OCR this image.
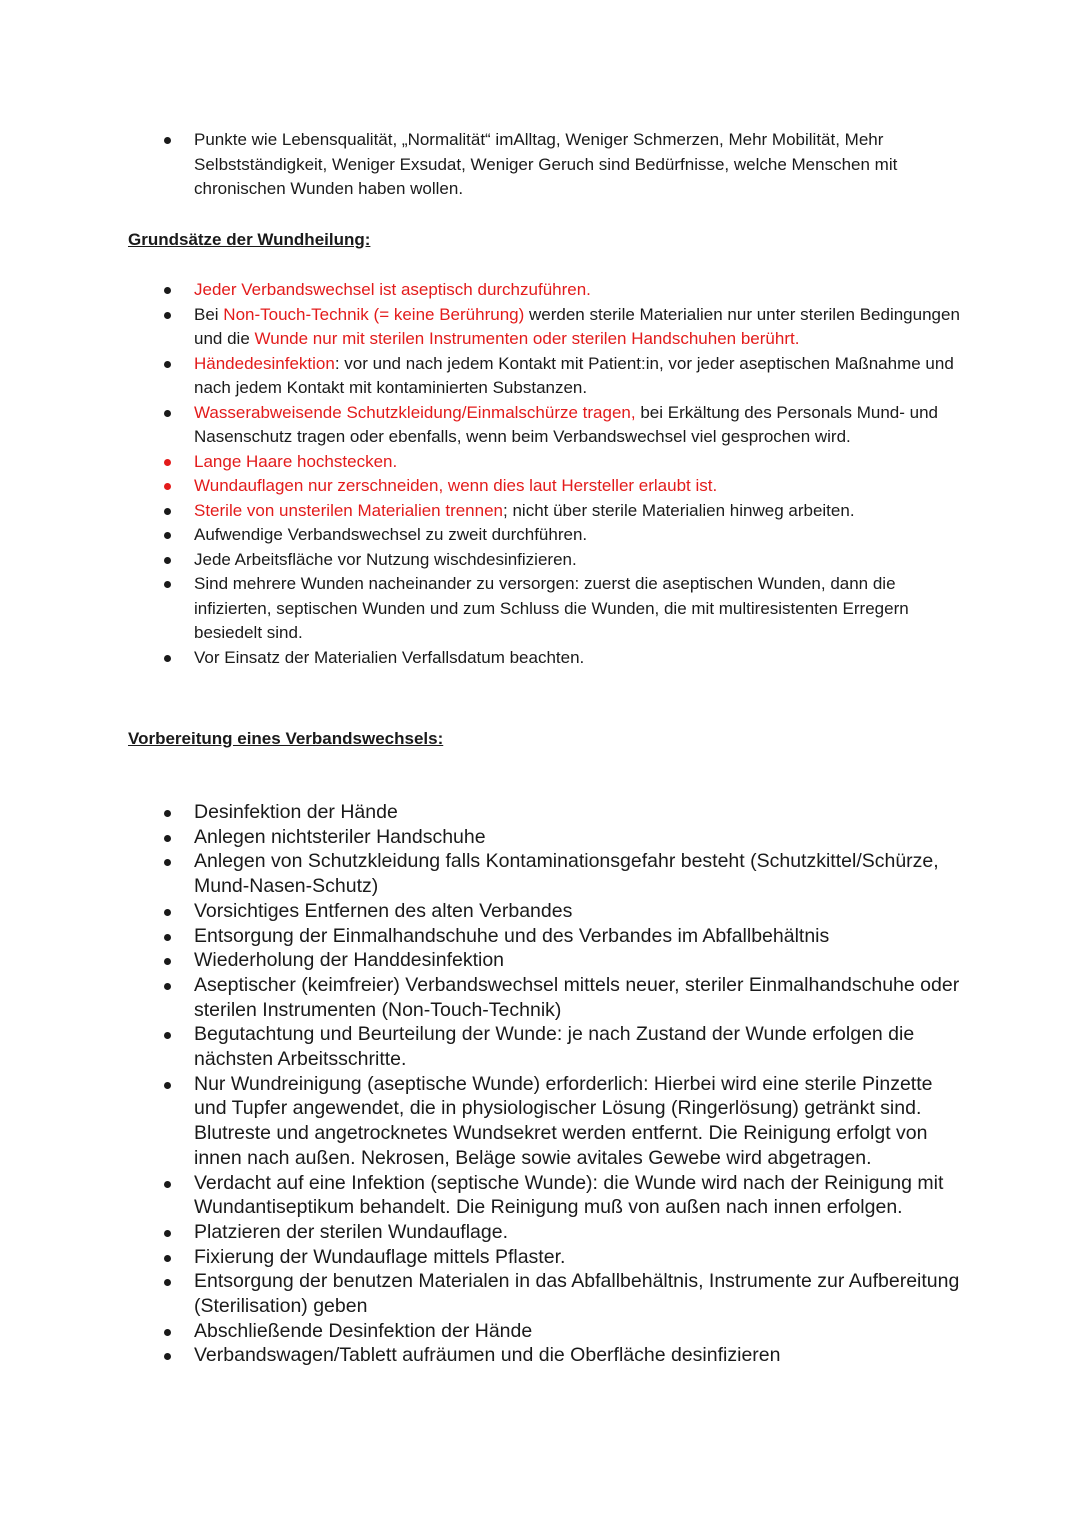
Punkte wie Lebensqualität, „Normalität“ imAlltag, Weniger Schmerzen, Mehr Mobilität, Mehr Selbstständigkeit, Weniger Exsudat, Weniger Geruch sind Bedürfnisse, welche Menschen mit chronischen Wunden haben wollen.
Grundsätze der Wundheilung:
Jeder Verbandswechsel ist aseptisch durchzuführen.
Bei Non-Touch-Technik (= keine Berührung) werden sterile Materialien nur unter sterilen Bedingungen und die Wunde nur mit sterilen Instrumenten oder sterilen Handschuhen berührt.
Händedesinfektion: vor und nach jedem Kontakt mit Patient:in, vor jeder aseptischen Maßnahme und nach jedem Kontakt mit kontaminierten Substanzen.
Wasserabweisende Schutzkleidung/Einmalschürze tragen, bei Erkältung des Personals Mund- und Nasenschutz tragen oder ebenfalls, wenn beim Verbandswechsel viel gesprochen wird.
Lange Haare hochstecken.
Wundauflagen nur zerschneiden, wenn dies laut Hersteller erlaubt ist.
Sterile von unsterilen Materialien trennen; nicht über sterile Materialien hinweg arbeiten.
Aufwendige Verbandswechsel zu zweit durchführen.
Jede Arbeitsfläche vor Nutzung wischdesinfizieren.
Sind mehrere Wunden nacheinander zu versorgen: zuerst die aseptischen Wunden, dann die infizierten, septischen Wunden und zum Schluss die Wunden, die mit multiresistenten Erregern besiedelt sind.
Vor Einsatz der Materialien Verfallsdatum beachten.
Vorbereitung eines Verbandswechsels:
Desinfektion der Hände
Anlegen nichtsteriler Handschuhe
Anlegen von Schutzkleidung falls Kontaminationsgefahr besteht (Schutzkittel/Schürze, Mund-Nasen-Schutz)
Vorsichtiges Entfernen des alten Verbandes
Entsorgung der Einmalhandschuhe und des Verbandes im Abfallbehältnis
Wiederholung der Handdesinfektion
Aseptischer (keimfreier) Verbandswechsel mittels neuer, steriler Einmalhandschuhe oder sterilen Instrumenten (Non-Touch-Technik)
Begutachtung und Beurteilung der Wunde: je nach Zustand der Wunde erfolgen die nächsten Arbeitsschritte.
Nur Wundreinigung (aseptische Wunde) erforderlich: Hierbei wird eine sterile Pinzette und Tupfer angewendet, die in physiologischer Lösung (Ringerlösung) getränkt sind. Blutreste und angetrocknetes Wundsekret werden entfernt. Die Reinigung erfolgt von innen nach außen. Nekrosen, Beläge sowie avitales Gewebe wird abgetragen.
Verdacht auf eine Infektion (septische Wunde): die Wunde wird nach der Reinigung mit Wundantiseptikum behandelt. Die Reinigung muß von außen nach innen erfolgen.
Platzieren der sterilen Wundauflage.
Fixierung der Wundauflage mittels Pflaster.
Entsorgung der benutzen Materialen in das Abfallbehältnis, Instrumente zur Aufbereitung (Sterilisation) geben
Abschließende Desinfektion der Hände
Verbandswagen/Tablett aufräumen und die Oberfläche desinfizieren
